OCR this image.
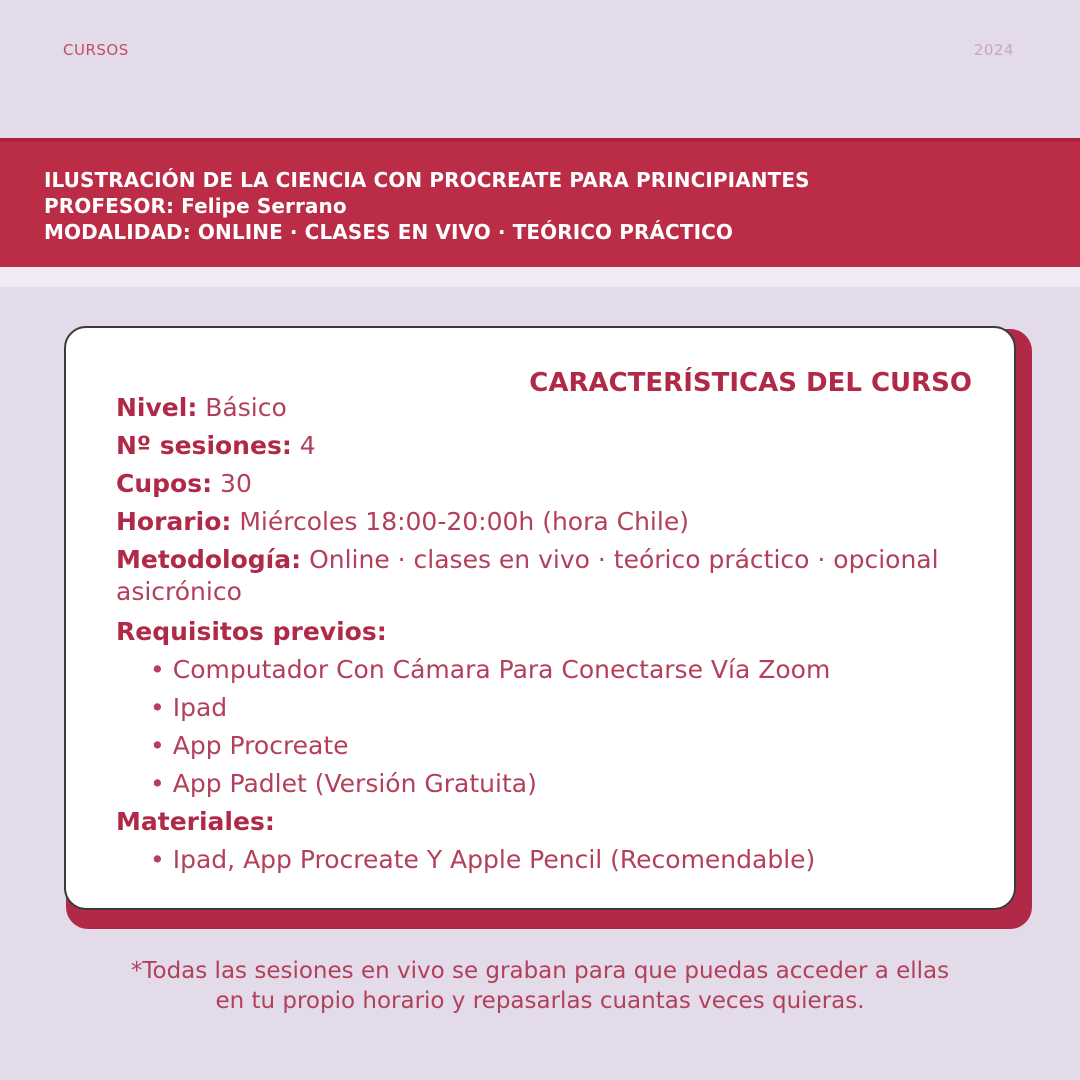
CURSOS	2024
ILUSTRACIÓN DE LA CIENCIA CON PROCREATE PARA PRINCIPIANTES
PROFESOR: Felipe Serrano
MODALIDAD: ONLINE · CLASES EN VIVO · TEÓRICO PRÁCTICO
CARACTERÍSTICAS DEL CURSO
Nivel: Básico
Nº sesiones: 4
Cupos: 30
Horario: Miércoles 18:00-20:00h (hora Chile)
Metodología: Online · clases en vivo · teórico práctico · opcional asicrónico
Requisitos previos:
• Computador Con Cámara Para Conectarse Vía Zoom
• Ipad
• App Procreate
• App Padlet (Versión Gratuita)
Materiales:
• Ipad, App Procreate Y Apple Pencil (Recomendable)
*Todas las sesiones en vivo se graban para que puedas acceder a ellas
en tu propio horario y repasarlas cuantas veces quieras.
